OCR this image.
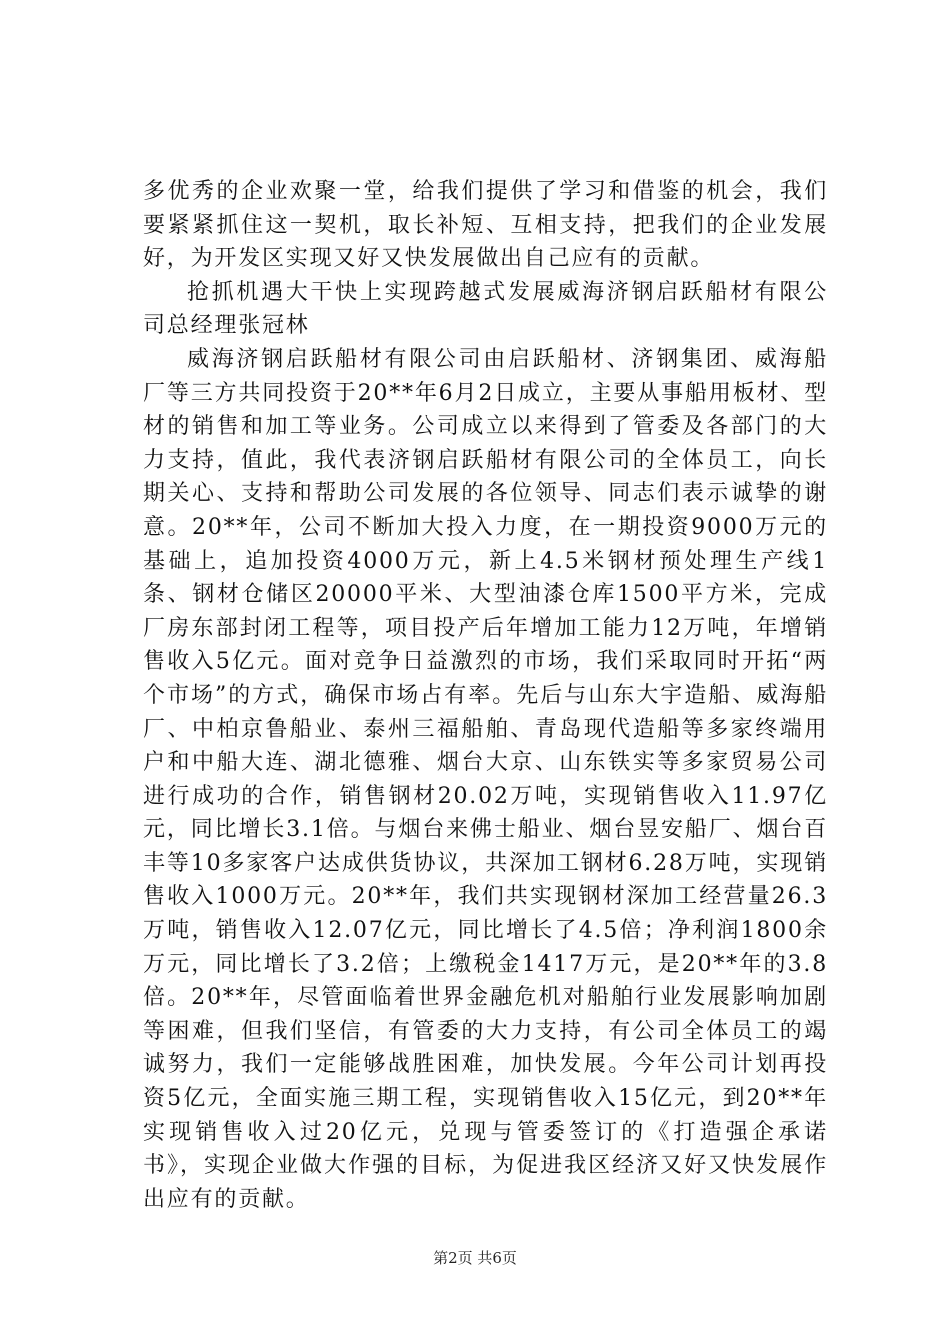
多优秀的企业欢聚一堂，给我们提供了学习和借鉴的机会，我们要紧紧抓住这一契机，取长补短、互相支持，把我们的企业发展好，为开发区实现又好又快发展做出自己应有的贡献。

抢抓机遇大干快上实现跨越式发展威海济钢启跃船材有限公司总经理张冠林

威海济钢启跃船材有限公司由启跃船材、济钢集团、威海船厂等三方共同投资于20**年6月2日成立，主要从事船用板材、型材的销售和加工等业务。公司成立以来得到了管委及各部门的大力支持，值此，我代表济钢启跃船材有限公司的全体员工，向长期关心、支持和帮助公司发展的各位领导、同志们表示诚挚的谢意。20**年，公司不断加大投入力度，在一期投资9000万元的基础上，追加投资4000万元，新上4.5米钢材预处理生产线1条、钢材仓储区20000平米、大型油漆仓库1500平方米，完成厂房东部封闭工程等，项目投产后年增加工能力12万吨，年增销售收入5亿元。面对竞争日益激烈的市场，我们采取同时开拓“两个市场”的方式，确保市场占有率。先后与山东大宇造船、威海船厂、中柏京鲁船业、泰州三福船舶、青岛现代造船等多家终端用户和中船大连、湖北德雅、烟台大京、山东铁实等多家贸易公司进行成功的合作，销售钢材20.02万吨，实现销售收入11.97亿元，同比增长3.1倍。与烟台来佛士船业、烟台昱安船厂、烟台百丰等10多家客户达成供货协议，共深加工钢材6.28万吨，实现销售收入1000万元。20**年，我们共实现钢材深加工经营量26.3万吨，销售收入12.07亿元，同比增长了4.5倍；净利润1800余万元，同比增长了3.2倍；上缴税金1417万元，是20**年的3.8倍。20**年，尽管面临着世界金融危机对船舶行业发展影响加剧等困难，但我们坚信，有管委的大力支持，有公司全体员工的竭诚努力，我们一定能够战胜困难，加快发展。今年公司计划再投资5亿元，全面实施三期工程，实现销售收入15亿元，到20**年实现销售收入过20亿元，兑现与管委签订的《打造强企承诺书》，实现企业做大作强的目标，为促进我区经济又好又快发展作出应有的贡献。

第2页 共6页
